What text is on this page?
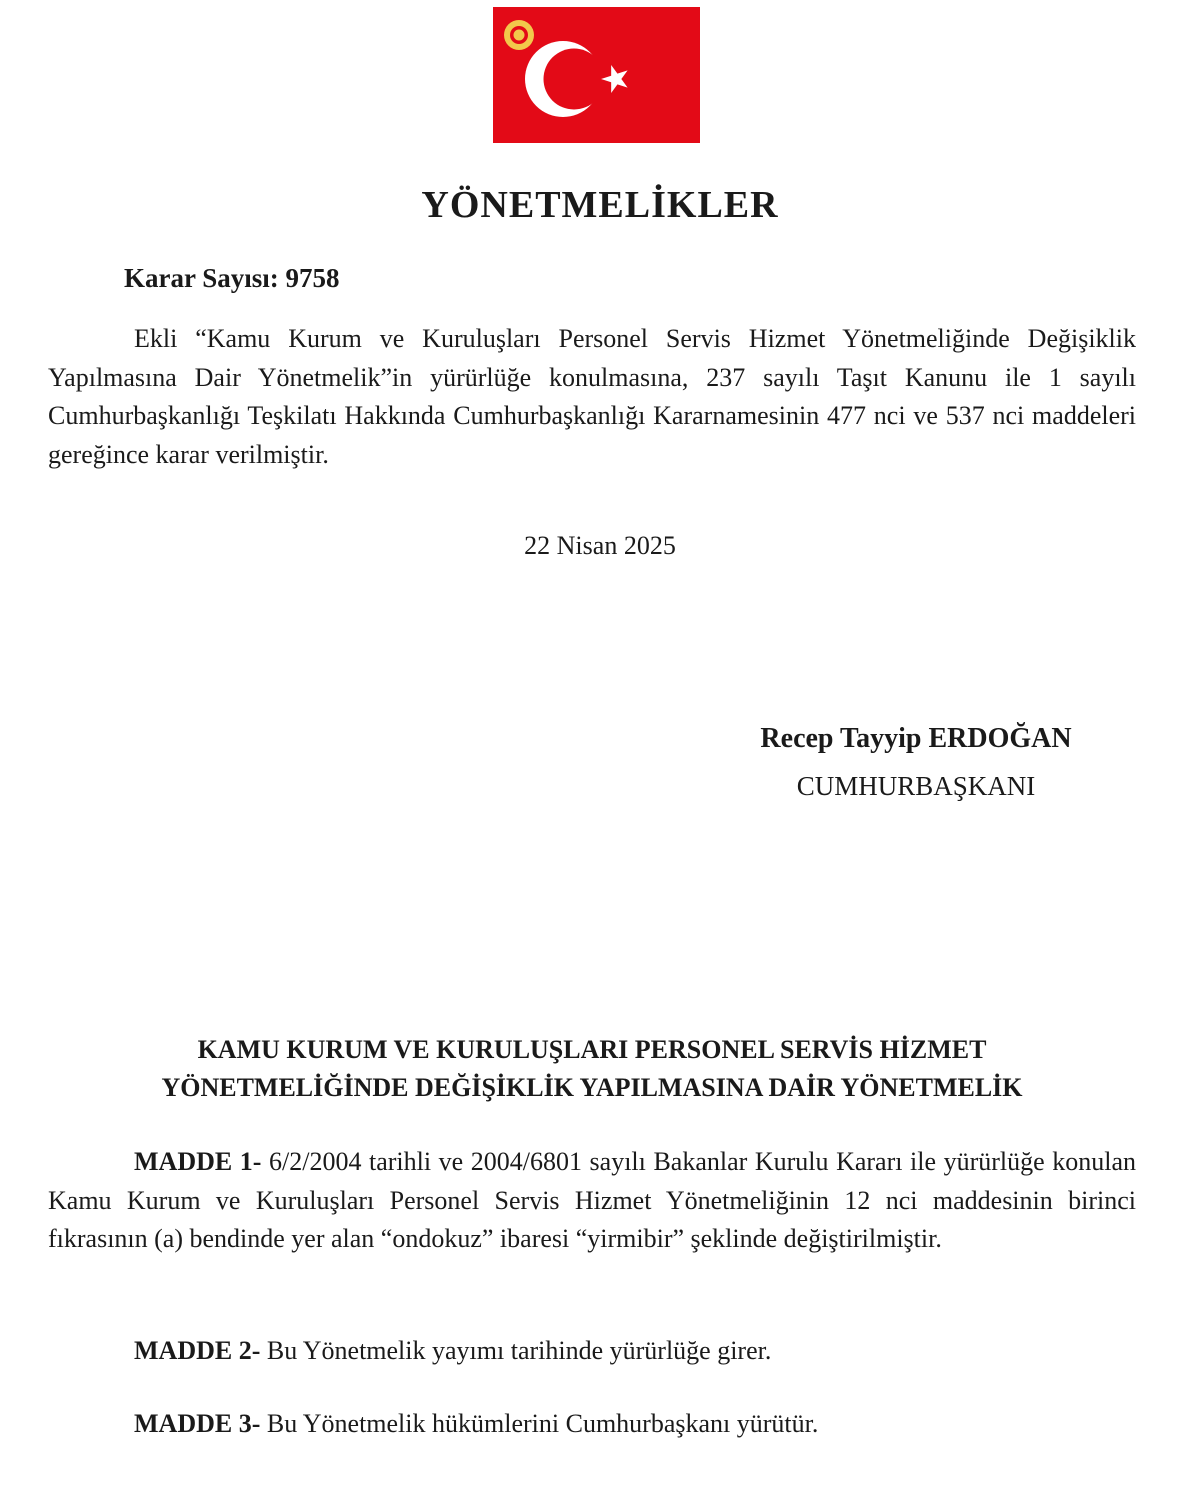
YÖNETMELİKLER

Karar Sayısı: 9758

Ekli “Kamu Kurum ve Kuruluşları Personel Servis Hizmet Yönetmeliğinde Değişiklik Yapılmasına Dair Yönetmelik”in yürürlüğe konulmasına, 237 sayılı Taşıt Kanunu ile 1 sayılı Cumhurbaşkanlığı Teşkilatı Hakkında Cumhurbaşkanlığı Kararnamesinin 477 nci ve 537 nci maddeleri gereğince karar verilmiştir.

22 Nisan 2025

Recep Tayyip ERDOĞAN

CUMHURBAŞKANI

KAMU KURUM VE KURULUŞLARI PERSONEL SERVİS HİZMET
YÖNETMELİĞİNDE DEĞİŞİKLİK YAPILMASINA DAİR YÖNETMELİK

MADDE 1- 6/2/2004 tarihli ve 2004/6801 sayılı Bakanlar Kurulu Kararı ile yürürlüğe konulan Kamu Kurum ve Kuruluşları Personel Servis Hizmet Yönetmeliğinin 12 nci maddesinin birinci fıkrasının (a) bendinde yer alan “ondokuz” ibaresi “yirmibir” şeklinde değiştirilmiştir.

MADDE 2- Bu Yönetmelik yayımı tarihinde yürürlüğe girer.

MADDE 3- Bu Yönetmelik hükümlerini Cumhurbaşkanı yürütür.
